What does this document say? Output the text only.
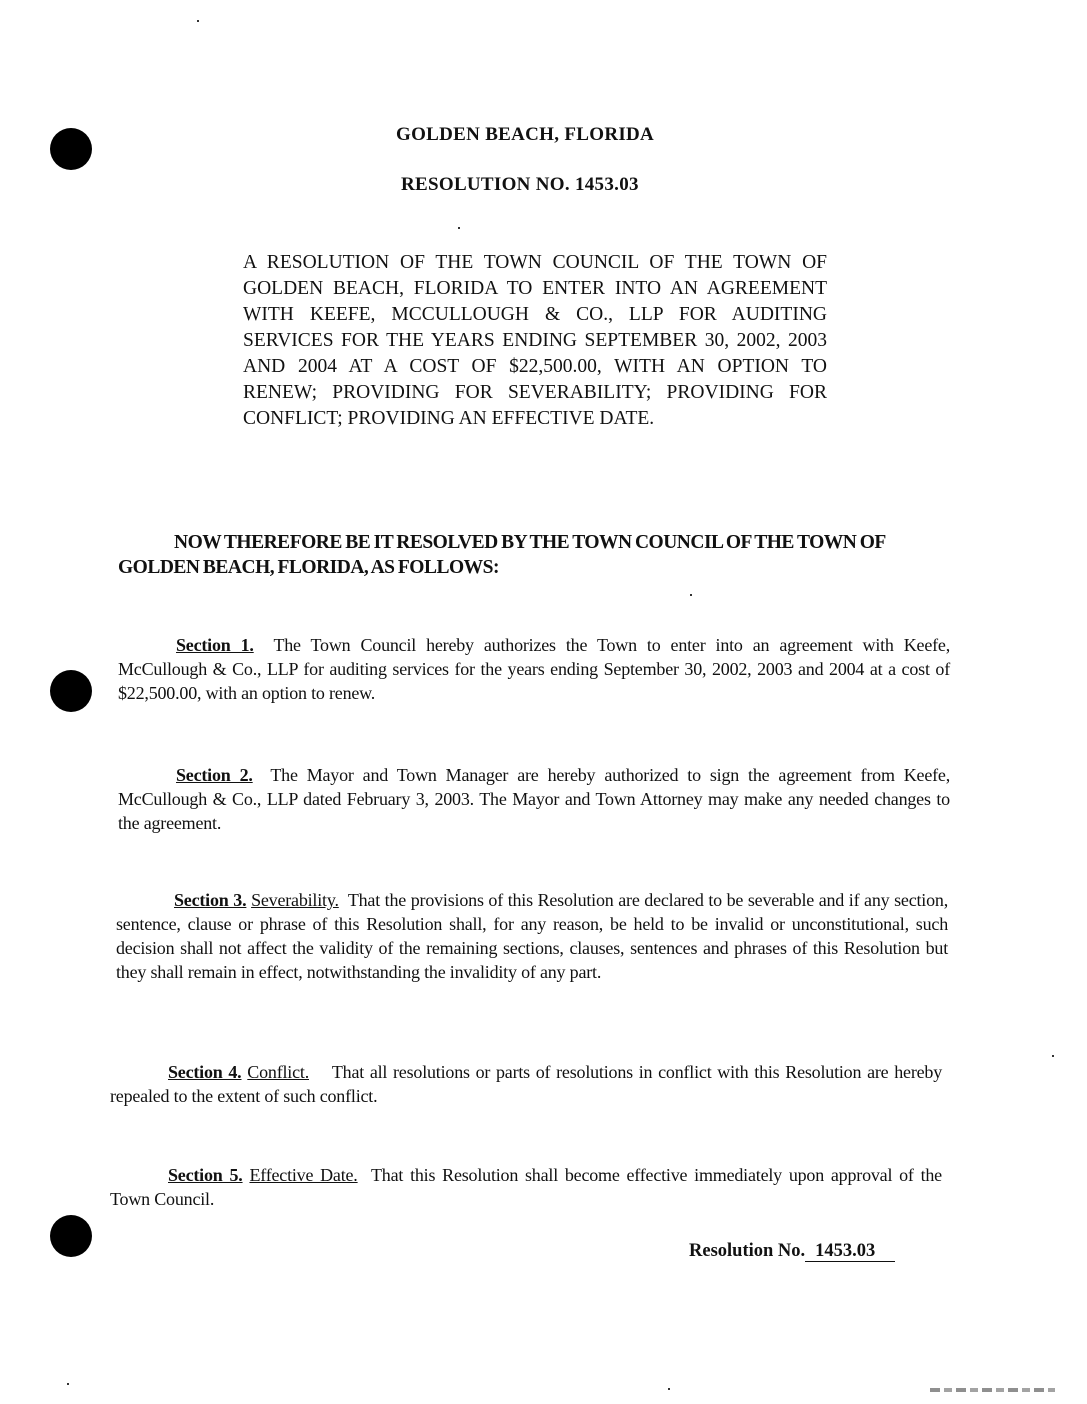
GOLDEN BEACH, FLORIDA
RESOLUTION NO. 1453.03
A RESOLUTION OF THE TOWN COUNCIL OF THE TOWN OF GOLDEN BEACH, FLORIDA TO ENTER INTO AN AGREEMENT WITH KEEFE, MCCULLOUGH & CO., LLP FOR AUDITING SERVICES FOR THE YEARS ENDING SEPTEMBER 30, 2002, 2003 AND 2004 AT A COST OF $22,500.00, WITH AN OPTION TO RENEW; PROVIDING FOR SEVERABILITY; PROVIDING FOR CONFLICT; PROVIDING AN EFFECTIVE DATE.
NOW THEREFORE BE IT RESOLVED BY THE TOWN COUNCIL OF THE TOWN OF GOLDEN BEACH, FLORIDA, AS FOLLOWS:
Section 1. The Town Council hereby authorizes the Town to enter into an agreement with Keefe, McCullough & Co., LLP for auditing services for the years ending September 30, 2002, 2003 and 2004 at a cost of $22,500.00, with an option to renew.
Section 2. The Mayor and Town Manager are hereby authorized to sign the agreement from Keefe, McCullough & Co., LLP dated February 3, 2003. The Mayor and Town Attorney may make any needed changes to the agreement.
Section 3. Severability. That the provisions of this Resolution are declared to be severable and if any section, sentence, clause or phrase of this Resolution shall, for any reason, be held to be invalid or unconstitutional, such decision shall not affect the validity of the remaining sections, clauses, sentences and phrases of this Resolution but they shall remain in effect, notwithstanding the invalidity of any part.
Section 4. Conflict. That all resolutions or parts of resolutions in conflict with this Resolution are hereby repealed to the extent of such conflict.
Section 5. Effective Date. That this Resolution shall become effective immediately upon approval of the Town Council.
Resolution No. 1453.03
